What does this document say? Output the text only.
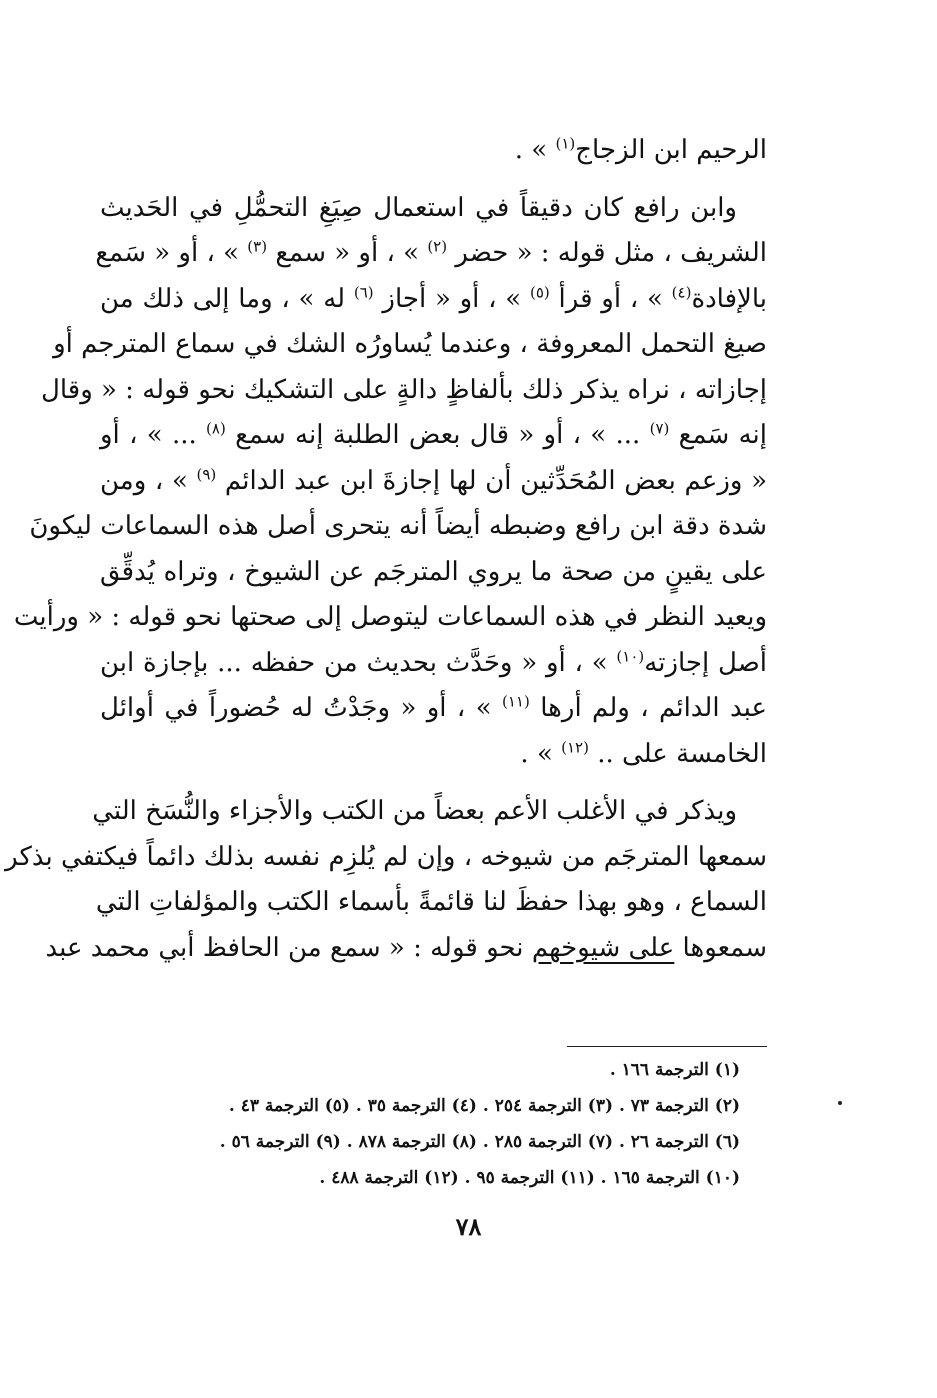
الرحيم ابن الزجاج$^{(١)}$ » .
وابن رافع كان دقيقاً في استعمال صِيَغِ التحمُّلِ في الحَديث
الشريف ، مثل قوله : « حضر $^{(٢)}$ » ، أو « سمع $^{(٣)}$ » ، أو « سَمع
بالإفادة$^{(٤)}$ » ، أو قرأ $^{(٥)}$ » ، أو « أجاز $^{(٦)}$ له » ، وما إلى ذلك من
صيغ التحمل المعروفة ، وعندما يُساورُه الشك في سماع المترجم أو
إجازاته ، نراه يذكر ذلك بألفاظٍ دالةٍ على التشكيك نحو قوله : « وقال
إنه سَمع $^{(٧)}$ ... » ، أو « قال بعض الطلبة إنه سمع $^{(٨)}$ ... » ، أو
« وزعم بعض المُحَدِّثين أن لها إجازةَ ابن عبد الدائم $^{(٩)}$ » ، ومن
شدة دقة ابن رافع وضبطه أيضاً أنه يتحرى أصل هذه السماعات ليكونَ
على يقينٍ من صحة ما يروي المترجَم عن الشيوخ ، وتراه يُدقِّق
ويعيد النظر في هذه السماعات ليتوصل إلى صحتها نحو قوله : « ورأيت
أصل إجازته$^{(١٠)}$ » ، أو « وحَدَّث بحديث من حفظه ... بإجازة ابن
عبد الدائم ، ولم أرها $^{(١١)}$ » ، أو « وجَدْتُ له حُضوراً في أوائل
الخامسة على .. $^{(١٢)}$ » .
ويذكر في الأغلب الأعم بعضاً من الكتب والأجزاء والنُّسَخ التي
سمعها المترجَم من شيوخه ، وإن لم يُلزِم نفسه بذلك دائماً فيكتفي بذكر
السماع ، وهو بهذا حفظَ لنا قائمةً بأسماء الكتب والمؤلفاتِ التي
سمعوها على شيوخهم نحو قوله : « سمع من الحافظ أبي محمد عبد
(١) الترجمة ١٦٦ .
(٢) الترجمة ٧٣ . (٣) الترجمة ٢٥٤ . (٤) الترجمة ٣٥ . (٥) الترجمة ٤٣ .
(٦) الترجمة ٢٦ . (٧) الترجمة ٢٨٥ . (٨) الترجمة ٨٧٨ . (٩) الترجمة ٥٦ .
(١٠) الترجمة ١٦٥ . (١١) الترجمة ٩٥ . (١٢) الترجمة ٤٨٨ .
٧٨
